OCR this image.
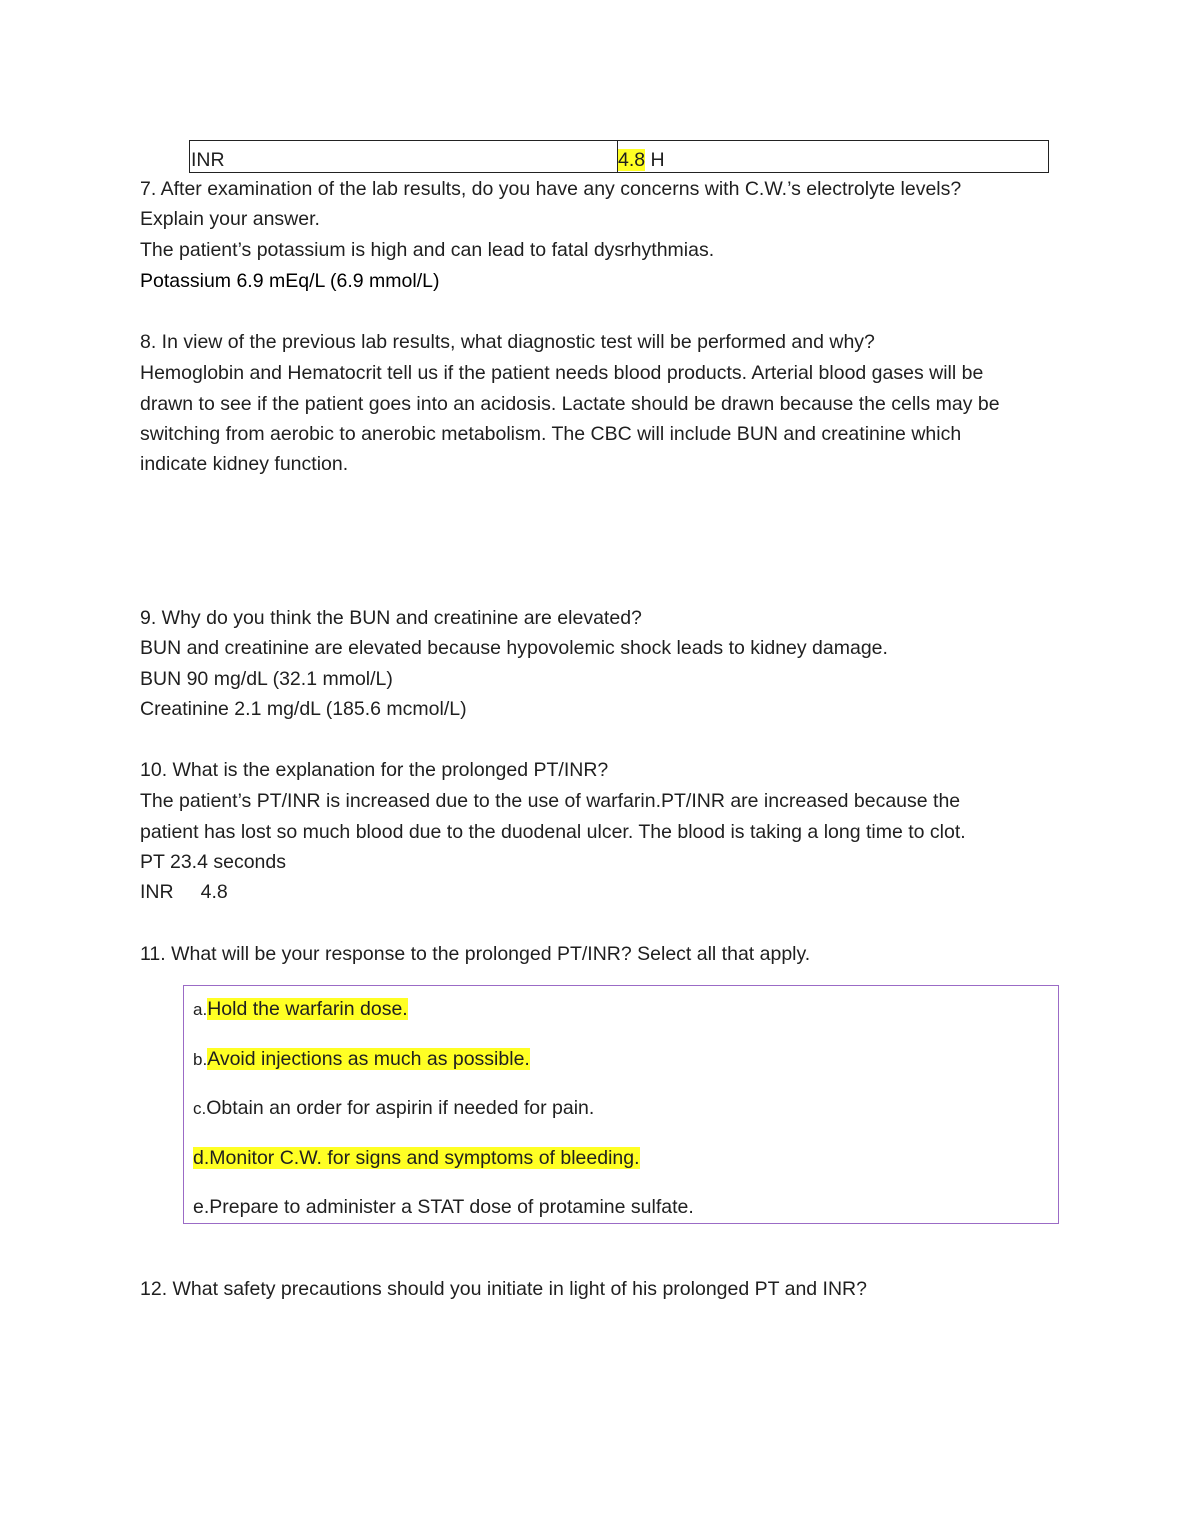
INR	4.8 H
7. After examination of the lab results, do you have any concerns with C.W.’s electrolyte levels?
Explain your answer.
The patient’s potassium is high and can lead to fatal dysrhythmias.
Potassium 6.9 mEq/L (6.9 mmol/L)
8. In view of the previous lab results, what diagnostic test will be performed and why?
Hemoglobin and Hematocrit tell us if the patient needs blood products. Arterial blood gases will be
drawn to see if the patient goes into an acidosis. Lactate should be drawn because the cells may be
switching from aerobic to anerobic metabolism. The CBC will include BUN and creatinine which
indicate kidney function.
9. Why do you think the BUN and creatinine are elevated?
BUN and creatinine are elevated because hypovolemic shock leads to kidney damage.
BUN 90 mg/dL (32.1 mmol/L)
Creatinine 2.1 mg/dL (185.6 mcmol/L)
10. What is the explanation for the prolonged PT/INR?
The patient’s PT/INR is increased due to the use of warfarin.PT/INR are increased because the
patient has lost so much blood due to the duodenal ulcer. The blood is taking a long time to clot.
PT 23.4 seconds
INR     4.8
11. What will be your response to the prolonged PT/INR? Select all that apply.
a.Hold the warfarin dose.
b.Avoid injections as much as possible.
c.Obtain an order for aspirin if needed for pain.
d.Monitor C.W. for signs and symptoms of bleeding.
e.Prepare to administer a STAT dose of protamine sulfate.
12. What safety precautions should you initiate in light of his prolonged PT and INR?
